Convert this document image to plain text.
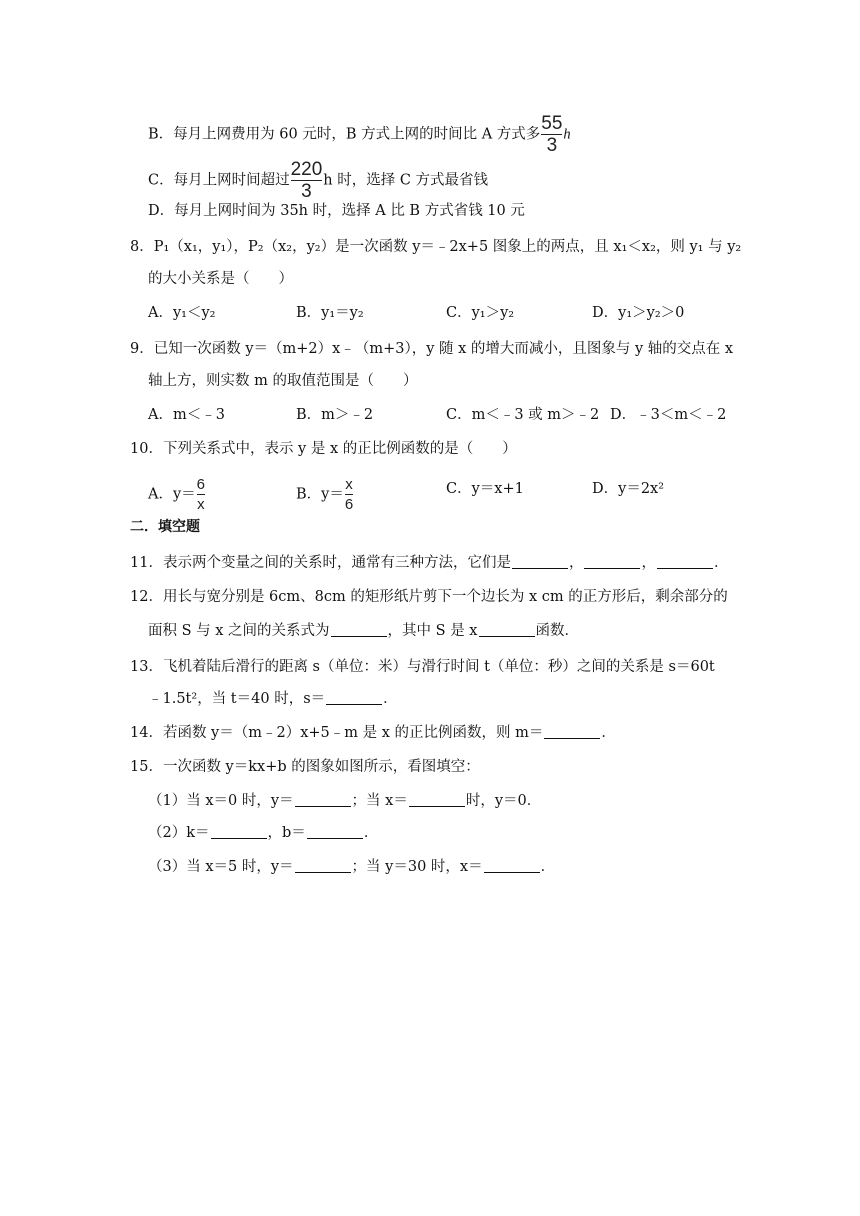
B．每月上网费用为 60 元时，B 方式上网的时间比 A 方式多 $\frac{55}{3}$ h
C．每月上网时间超过 $\frac{220}{3}$ h 时，选择 C 方式最省钱
D．每月上网时间为 35h 时，选择 A 比 B 方式省钱 10 元
8．P₁（x₁，y₁），P₂（x₂，y₂）是一次函数 y＝﹣2x+5 图象上的两点，且 x₁＜x₂，则 y₁ 与 y₂
的大小关系是（　　）
A．y₁＜y₂	B．y₁＝y₂	C．y₁＞y₂	D．y₁＞y₂＞0
9．已知一次函数 y＝（m+2）x﹣（m+3），y 随 x 的增大而减小，且图象与 y 轴的交点在 x
轴上方，则实数 m 的取值范围是（　　）
A．m＜﹣3	B．m＞﹣2	C．m＜﹣3 或 m＞﹣2 D．﹣3＜m＜﹣2
10．下列关系式中，表示 y 是 x 的正比例函数的是（　　）
A．$y= \frac{6}{x}$	B．$y= \frac{x}{6}$	C．y＝x+1	D．y＝2x²
二．填空题
11．表示两个变量之间的关系时，通常有三种方法，它们是	，	，	．
12．用长与宽分别是 6cm、8cm 的矩形纸片剪下一个边长为 x cm 的正方形后，剩余部分的
面积 S 与 x 之间的关系式为	，其中 S 是 x	函数．
13．飞机着陆后滑行的距离 s（单位：米）与滑行时间 t（单位：秒）之间的关系是 s＝60t
﹣1.5t²，当 t＝40 时，s＝	．
14．若函数 y＝（m﹣2）x+5﹣m 是 x 的正比例函数，则 m＝	．
15．一次函数 y＝kx+b 的图象如图所示，看图填空：
（1）当 x＝0 时，y＝	；当 x＝	时，y＝0．
（2）k＝	，b＝	．
（3）当 x＝5 时，y＝	；当 y＝30 时，x＝	．
